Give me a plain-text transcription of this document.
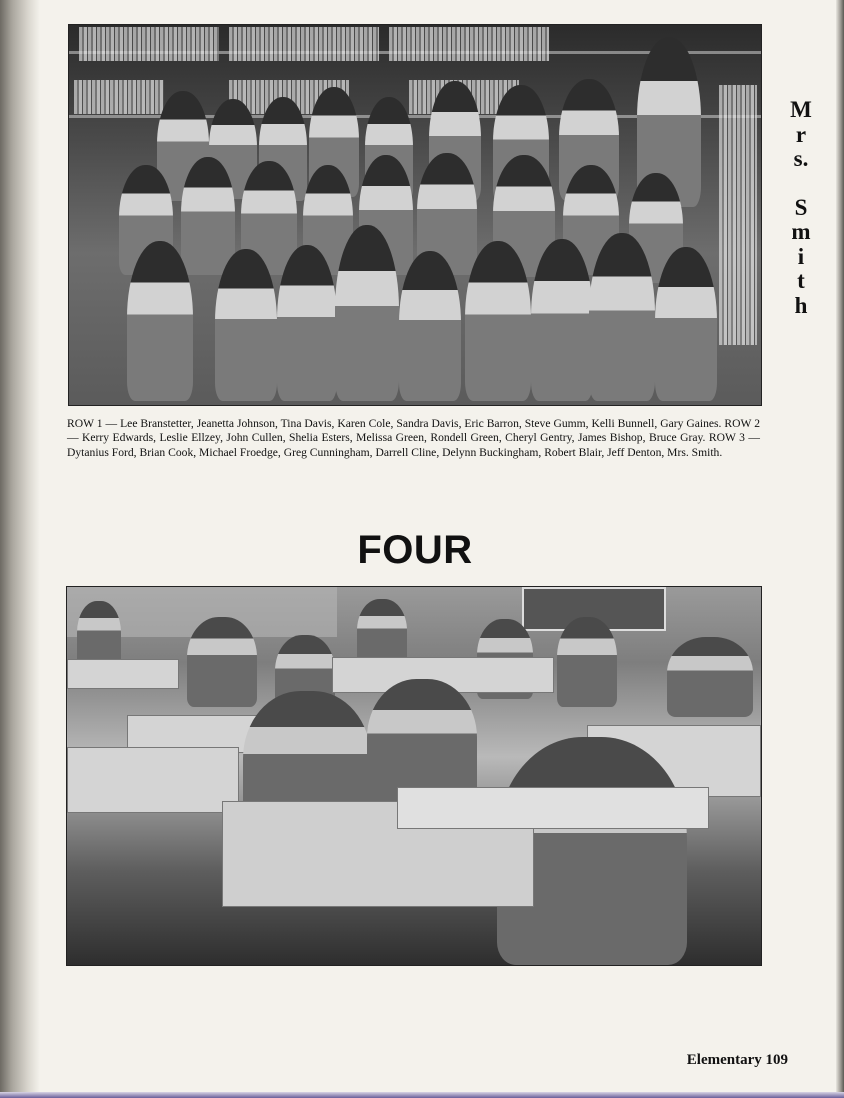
M
r
s.
S
m
i
t
h
ROW 1 — Lee Branstetter, Jeanetta Johnson, Tina Davis, Karen Cole, Sandra Davis, Eric Barron, Steve Gumm, Kelli Bunnell, Gary Gaines. ROW 2 — Kerry Edwards, Leslie Ellzey, John Cullen, Shelia Esters, Melissa Green, Rondell Green, Cheryl Gentry, James Bishop, Bruce Gray. ROW 3 — Dytanius Ford, Brian Cook, Michael Froedge, Greg Cunningham, Darrell Cline, Delynn Buckingham, Robert Blair, Jeff Denton, Mrs. Smith.
FOUR
Elementary 109
